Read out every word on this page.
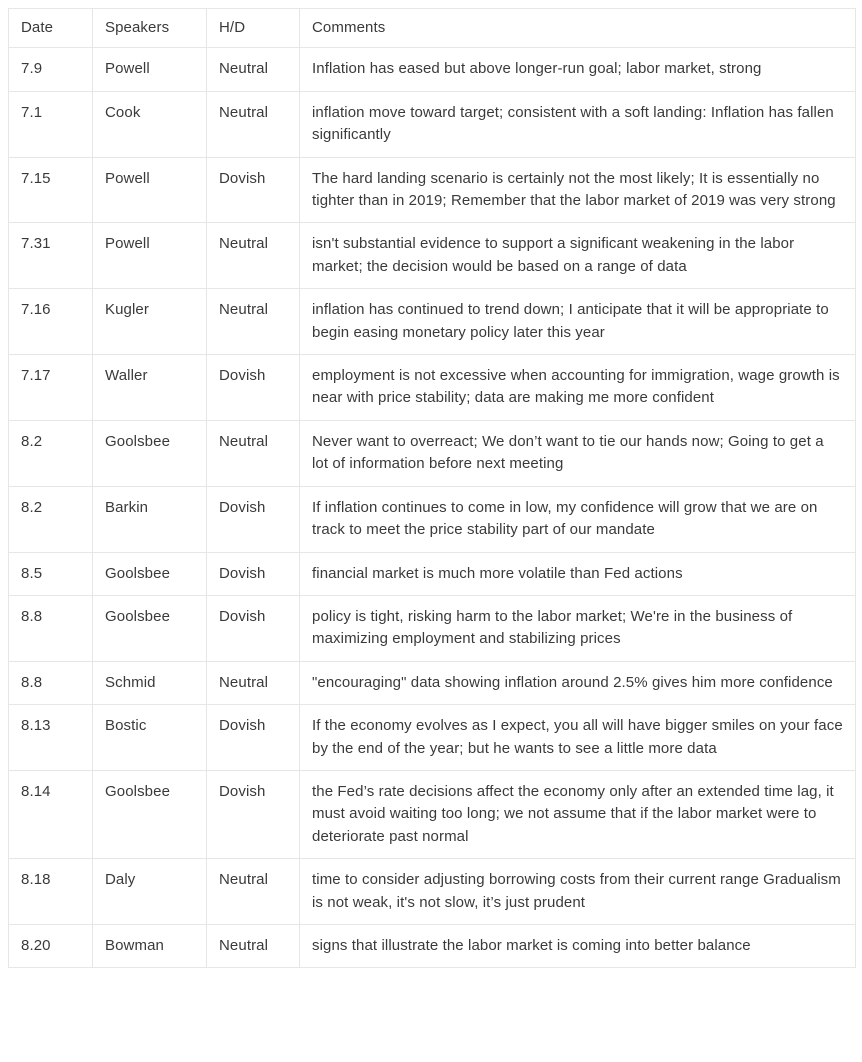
Date	Speakers	H/D	Comments
7.9	Powell	Neutral	Inflation has eased but above longer-run goal; labor market, strong
7.1	Cook	Neutral	inflation move toward target; consistent with a soft landing: Inflation has fallen significantly
7.15	Powell	Dovish	The hard landing scenario is certainly not the most likely; It is essentially no tighter than in 2019; Remember that the labor market of 2019 was very strong
7.31	Powell	Neutral	isn't substantial evidence to support a significant weakening in the labor market; the decision would be based on a range of data
7.16	Kugler	Neutral	inflation has continued to trend down; I anticipate that it will be appropriate to begin easing monetary policy later this year
7.17	Waller	Dovish	employment is not excessive when accounting for immigration, wage growth is near with price stability; data are making me more confident
8.2	Goolsbee	Neutral	Never want to overreact; We don’t want to tie our hands now; Going to get a lot of information before next meeting
8.2	Barkin	Dovish	If inflation continues to come in low, my confidence will grow that we are on track to meet the price stability part of our mandate
8.5	Goolsbee	Dovish	financial market is much more volatile than Fed actions
8.8	Goolsbee	Dovish	policy is tight, risking harm to the labor market; We're in the business of maximizing employment and stabilizing prices
8.8	Schmid	Neutral	"encouraging" data showing inflation around 2.5% gives him more confidence
8.13	Bostic	Dovish	If the economy evolves as I expect, you all will have bigger smiles on your face by the end of the year; but he wants to see a little more data
8.14	Goolsbee	Dovish	the Fed’s rate decisions affect the economy only after an extended time lag, it must avoid waiting too long; we not assume that if the labor market were to deteriorate past normal
8.18	Daly	Neutral	time to consider adjusting borrowing costs from their current range Gradualism is not weak, it's not slow, it’s just prudent
8.20	Bowman	Neutral	signs that illustrate the labor market is coming into better balance
